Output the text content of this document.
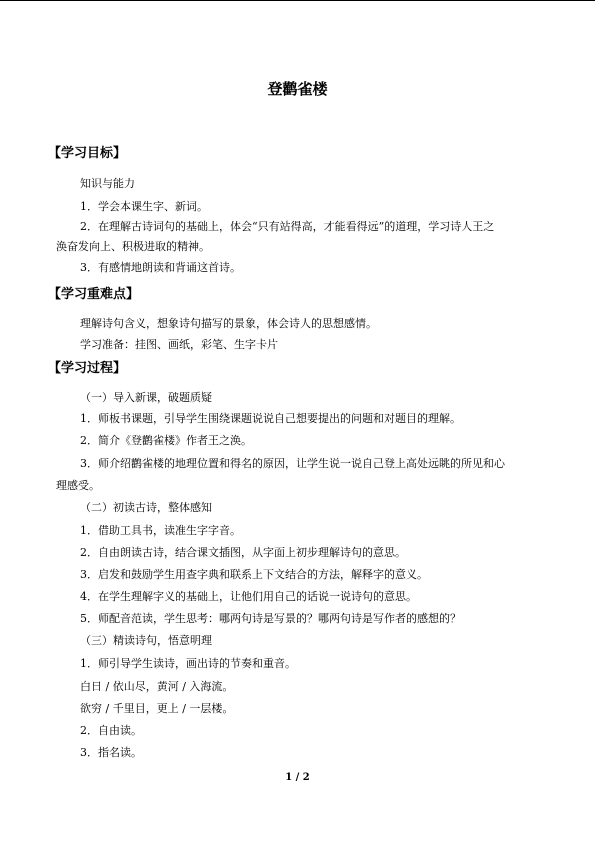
登鹳雀楼
【学习目标】
知识与能力
1．学会本课生字、新词。
2．在理解古诗词句的基础上，体会“只有站得高，才能看得远”的道理，学习诗人王之
涣奋发向上、积极进取的精神。
3．有感情地朗读和背诵这首诗。
【学习重难点】
理解诗句含义，想象诗句描写的景象，体会诗人的思想感情。
学习准备：挂图、画纸，彩笔、生字卡片
【学习过程】
（一）导入新课，破题质疑
1．师板书课题，引导学生围绕课题说说自己想要提出的问题和对题目的理解。
2．简介《登鹳雀楼》作者王之涣。
3．师介绍鹳雀楼的地理位置和得名的原因，让学生说一说自己登上高处远眺的所见和心
理感受。
（二）初读古诗，整体感知
1．借助工具书，读准生字字音。
2．自由朗读古诗，结合课文插图，从字面上初步理解诗句的意思。
3．启发和鼓励学生用查字典和联系上下文结合的方法，解释字的意义。
4．在学生理解字义的基础上，让他们用自己的话说一说诗句的意思。
5．师配音范读，学生思考：哪两句诗是写景的？哪两句诗是写作者的感想的？
（三）精读诗句，悟意明理
1．师引导学生读诗，画出诗的节奏和重音。
白日 / 依山尽，黄河 / 入海流。
欲穷 / 千里目，更上 / 一层楼。
2．自由读。
3．指名读。
1 / 2
